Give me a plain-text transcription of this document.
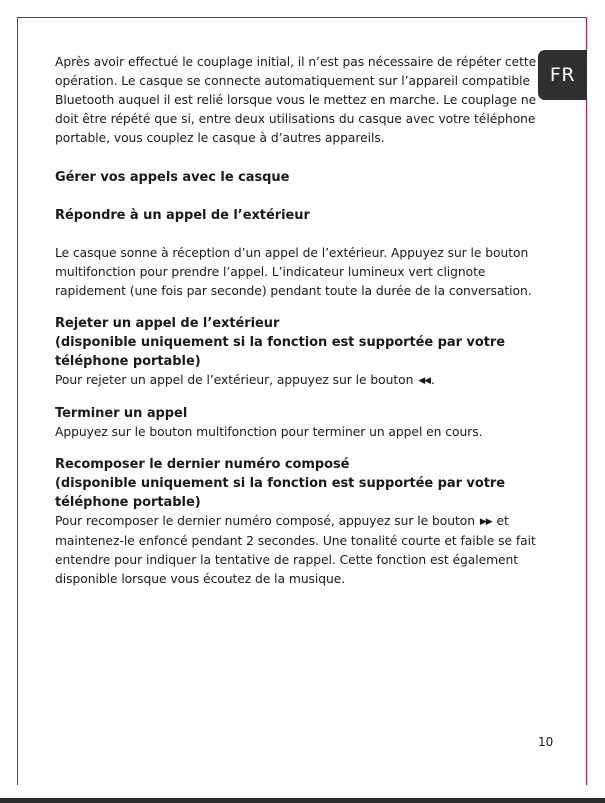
FR

Après avoir effectué le couplage initial, il n’est pas nécessaire de répéter cette opération. Le casque se connecte automatiquement sur l’appareil compatible Bluetooth auquel il est relié lorsque vous le mettez en marche. Le couplage ne doit être répété que si, entre deux utilisations du casque avec votre téléphone portable, vous couplez le casque à d’autres appareils.

Gérer vos appels avec le casque

Répondre à un appel de l’extérieur

Le casque sonne à réception d’un appel de l’extérieur. Appuyez sur le bouton multifonction pour prendre l’appel. L’indicateur lumineux vert clignote rapidement (une fois par seconde) pendant toute la durée de la conversation.

Rejeter un appel de l’extérieur

(disponible uniquement si la fonction est supportée par votre téléphone portable)

Pour rejeter un appel de l’extérieur, appuyez sur le bouton ◀◀.

Terminer un appel

Appuyez sur le bouton multifonction pour terminer un appel en cours.

Recomposer le dernier numéro composé

(disponible uniquement si la fonction est supportée par votre téléphone portable)

Pour recomposer le dernier numéro composé, appuyez sur le bouton ▶▶ et maintenez-le enfoncé pendant 2 secondes. Une tonalité courte et faible se fait entendre pour indiquer la tentative de rappel. Cette fonction est également disponible lorsque vous écoutez de la musique.

10
